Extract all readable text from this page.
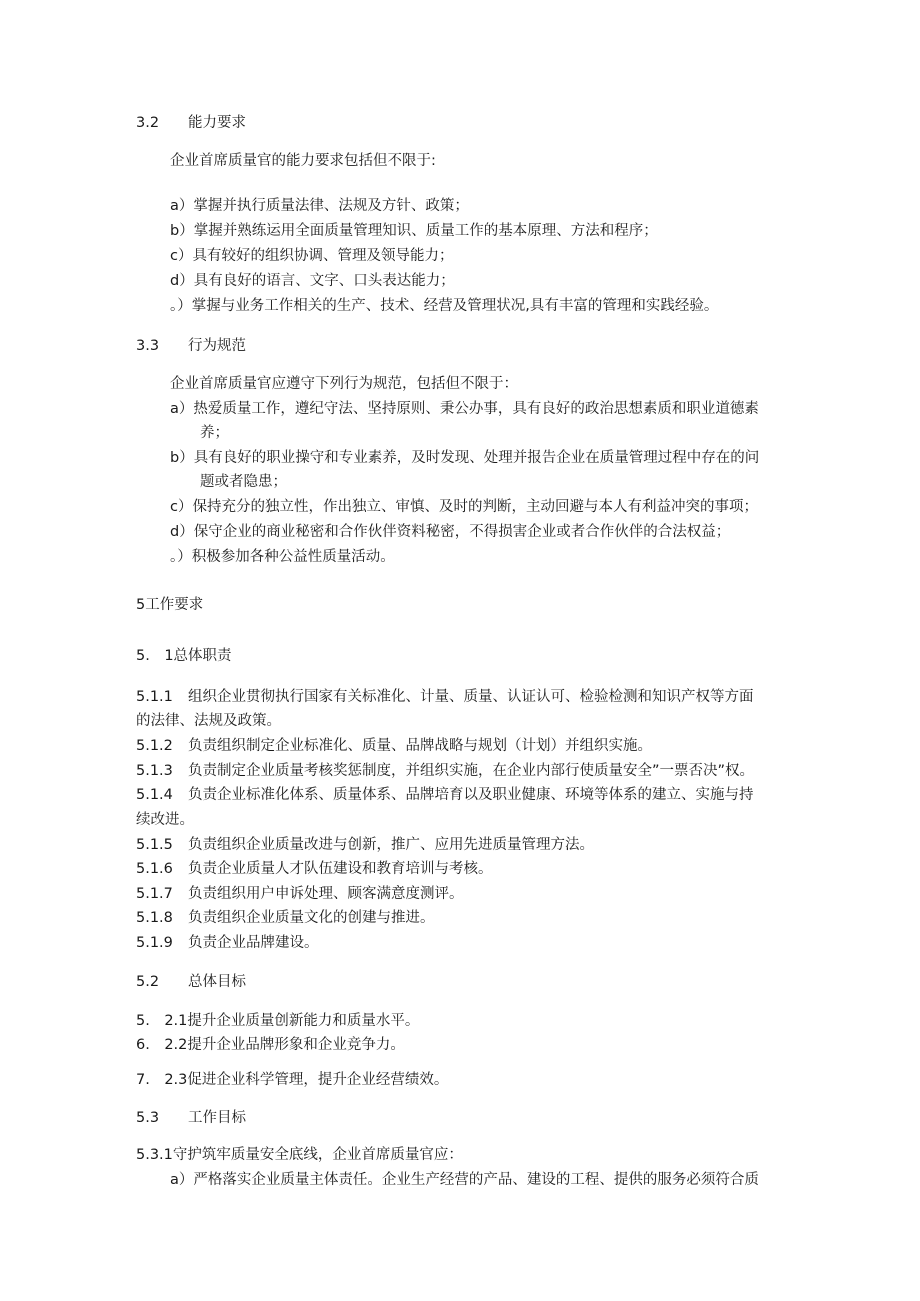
3.2 能力要求
企业首席质量官的能力要求包括但不限于:
a）掌握并执行质量法律、法规及方针、政策；
b）掌握并熟练运用全面质量管理知识、质量工作的基本原理、方法和程序；
c）具有较好的组织协调、管理及领导能力；
d）具有良好的语言、文字、口头表达能力；
。）掌握与业务工作相关的生产、技术、经营及管理状况,具有丰富的管理和实践经验。
3.3 行为规范
企业首席质量官应遵守下列行为规范，包括但不限于：
a）热爱质量工作，遵纪守法、坚持原则、秉公办事，具有良好的政治思想素质和职业道德素
养；
b）具有良好的职业操守和专业素养，及时发现、处理并报告企业在质量管理过程中存在的问
题或者隐患；
c）保持充分的独立性，作出独立、审慎、及时的判断，主动回避与本人有利益冲突的事项；
d）保守企业的商业秘密和合作伙伴资料秘密，不得损害企业或者合作伙伴的合法权益；
。）积极参加各种公益性质量活动。
5工作要求
5.　1总体职责
5.1.1 组织企业贯彻执行国家有关标准化、计量、质量、认证认可、检验检测和知识产权等方面
的法律、法规及政策。
5.1.2 负责组织制定企业标准化、质量、品牌战略与规划（计划）并组织实施。
5.1.3 负责制定企业质量考核奖惩制度，并组织实施，在企业内部行使质量安全”一票否决”权。
5.1.4 负责企业标准化体系、质量体系、品牌培育以及职业健康、环境等体系的建立、实施与持
续改进。
5.1.5 负责组织企业质量改进与创新，推广、应用先进质量管理方法。
5.1.6 负责企业质量人才队伍建设和教育培训与考核。
5.1.7 负责组织用户申诉处理、顾客满意度测评。
5.1.8 负责组织企业质量文化的创建与推进。
5.1.9 负责企业品牌建设。
5.2 总体目标
5.　2.1提升企业质量创新能力和质量水平。
6.　2.2提升企业品牌形象和企业竞争力。
7.　2.3促进企业科学管理，提升企业经营绩效。
5.3 工作目标
5.3.1守护筑牢质量安全底线，企业首席质量官应：
a）严格落实企业质量主体责任。企业生产经营的产品、建设的工程、提供的服务必须符合质
